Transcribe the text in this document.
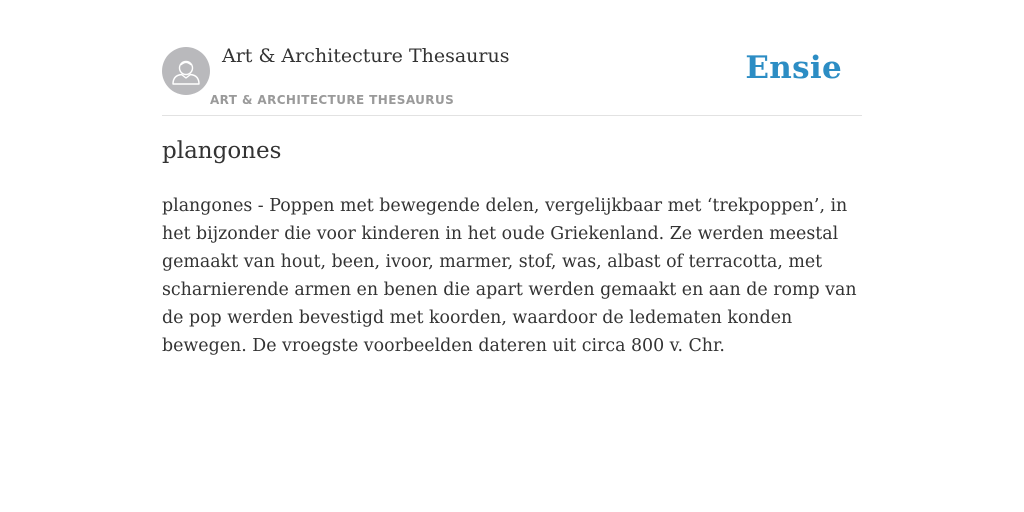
Art & Architecture Thesaurus
ART & ARCHITECTURE THESAURUS
Ensie
plangones

plangones - Poppen met bewegende delen, vergelijkbaar met ‘trekpoppen’, in het bijzonder die voor kinderen in het oude Griekenland. Ze werden meestal gemaakt van hout, been, ivoor, marmer, stof, was, albast of terracotta, met scharnierende armen en benen die apart werden gemaakt en aan de romp van de pop werden bevestigd met koorden, waardoor de ledematen konden bewegen. De vroegste voorbeelden dateren uit circa 800 v. Chr.
